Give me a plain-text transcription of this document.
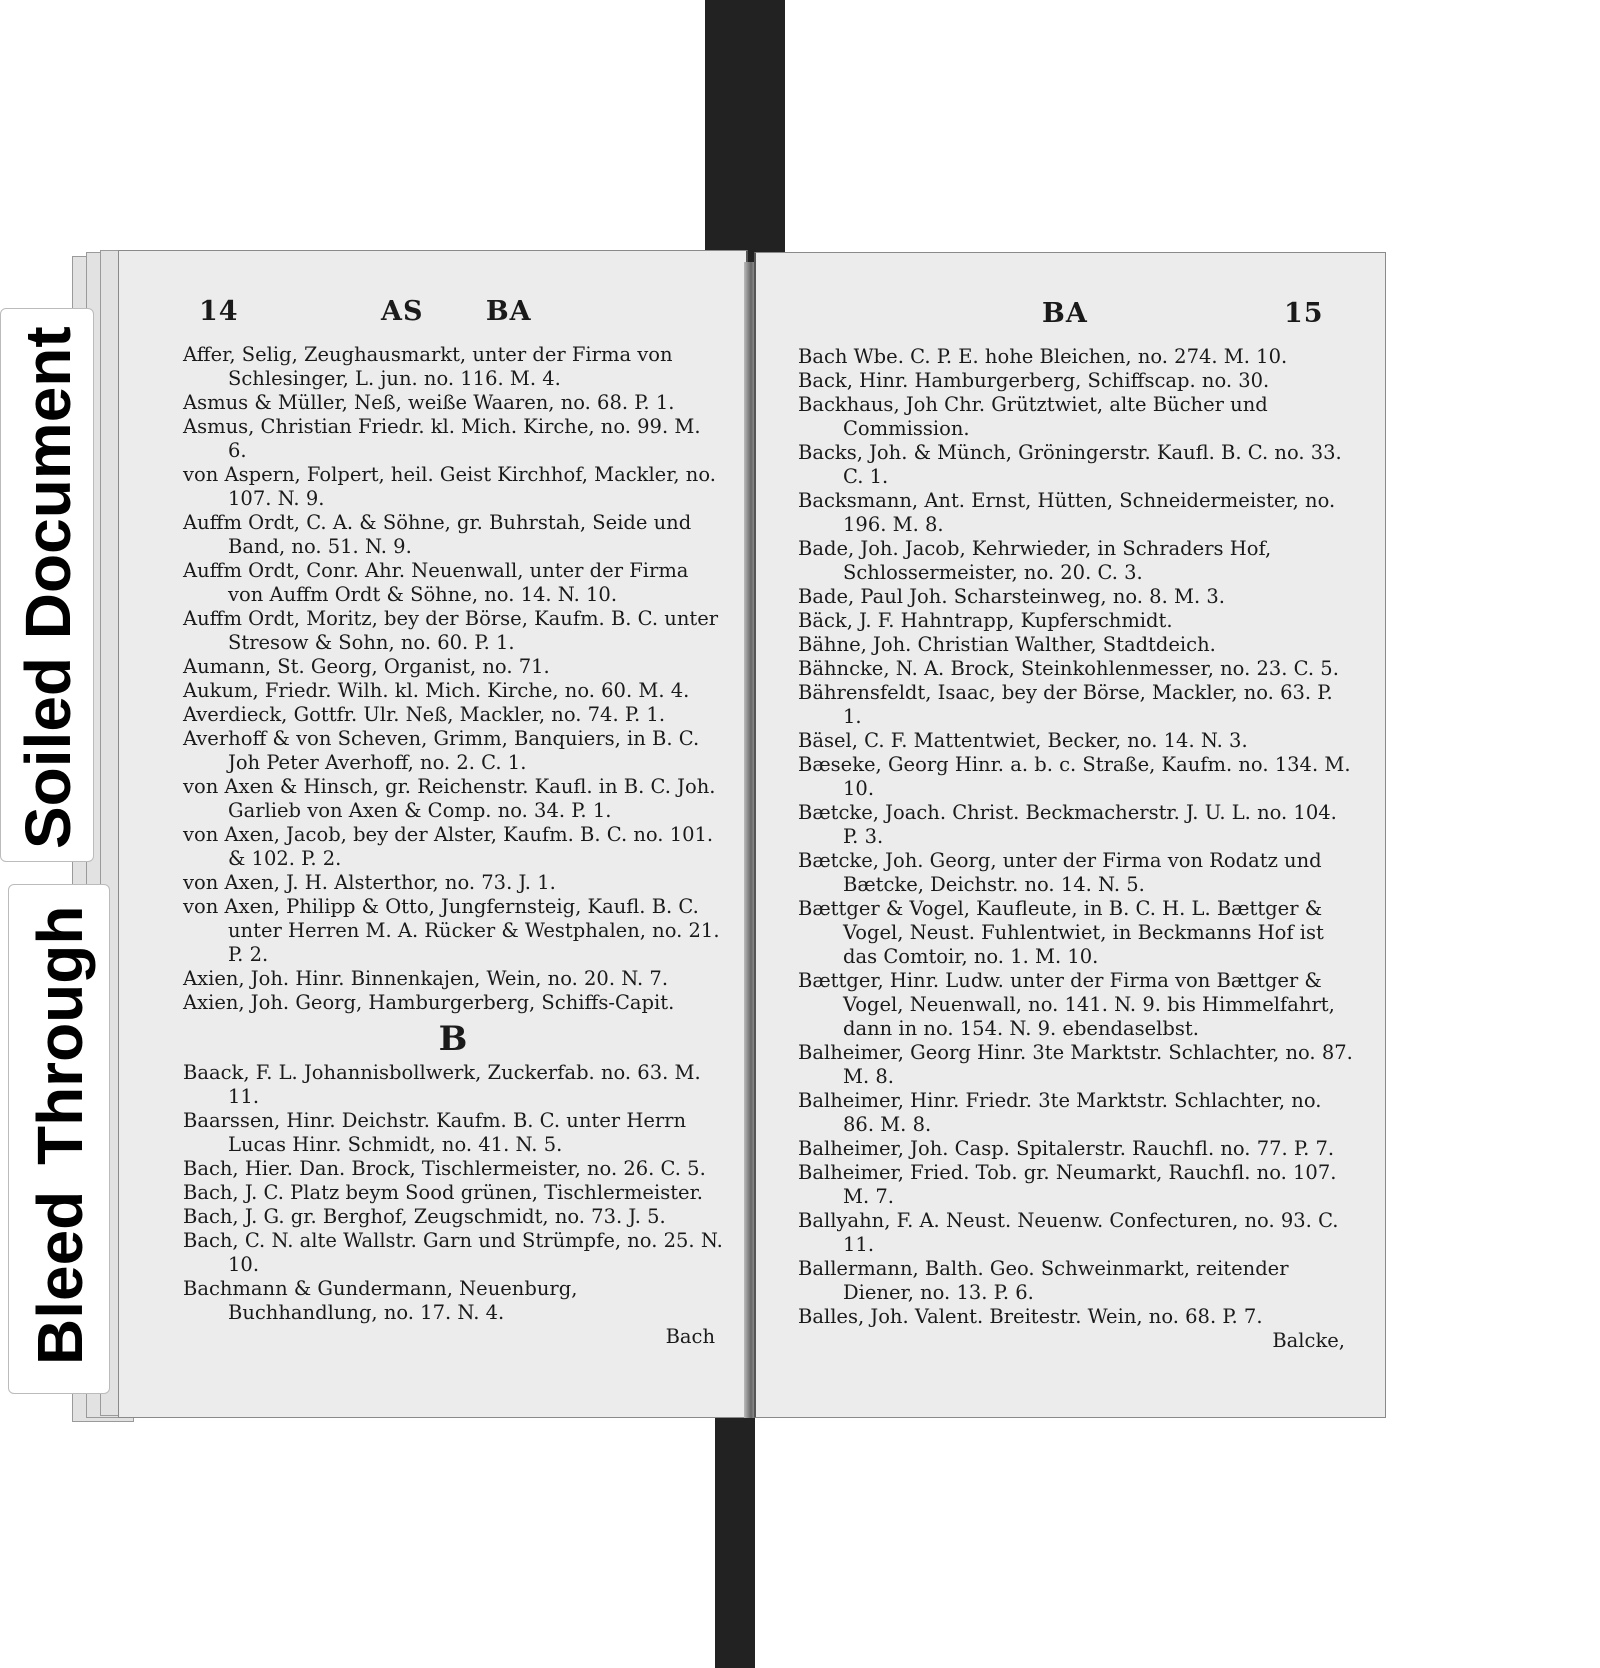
Soiled Document
Bleed
Through
14	AS      BA

Affer, Selig, Zeughausmarkt, unter der Firma von Schlesinger, L. jun. no. 116. M. 4.

Asmus & Müller, Neß, weiße Waaren, no. 68. P. 1.

Asmus, Christian Friedr. kl. Mich. Kirche, no. 99. M. 6.

von Aspern, Folpert, heil. Geist Kirchhof, Mackler, no. 107. N. 9.

Auffm Ordt, C. A. & Söhne, gr. Buhrstah, Seide und Band, no. 51. N. 9.

Auffm Ordt, Conr. Ahr. Neuenwall, unter der Firma von Auffm Ordt & Söhne, no. 14. N. 10.

Auffm Ordt, Moritz, bey der Börse, Kaufm. B. C. unter Stresow & Sohn, no. 60. P. 1.

Aumann, St. Georg, Organist, no. 71.

Aukum, Friedr. Wilh. kl. Mich. Kirche, no. 60. M. 4.

Averdieck, Gottfr. Ulr. Neß, Mackler, no. 74. P. 1.

Averhoff & von Scheven, Grimm, Banquiers, in B. C. Joh Peter Averhoff, no. 2. C. 1.

von Axen & Hinsch, gr. Reichenstr. Kaufl. in B. C. Joh. Garlieb von Axen & Comp. no. 34. P. 1.

von Axen, Jacob, bey der Alster, Kaufm. B. C. no. 101. & 102. P. 2.

von Axen, J. H. Alsterthor, no. 73. J. 1.

von Axen, Philipp & Otto, Jungfernsteig, Kaufl. B. C. unter Herren M. A. Rücker & Westphalen, no. 21. P. 2.

Axien, Joh. Hinr. Binnenkajen, Wein, no. 20. N. 7.

Axien, Joh. Georg, Hamburgerberg, Schiffs-Capit.

B

Baack, F. L. Johannisbollwerk, Zuckerfab. no. 63. M. 11.

Baarssen, Hinr. Deichstr. Kaufm. B. C. unter Herrn Lucas Hinr. Schmidt, no. 41. N. 5.

Bach, Hier. Dan. Brock, Tischlermeister, no. 26. C. 5.

Bach, J. C. Platz beym Sood grünen, Tischlermeister.

Bach, J. G. gr. Berghof, Zeugschmidt, no. 73. J. 5.

Bach, C. N. alte Wallstr. Garn und Strümpfe, no. 25. N. 10.

Bachmann & Gundermann, Neuenburg, Buchhandlung, no. 17. N. 4.

Bach

BA	15

Bach Wbe. C. P. E. hohe Bleichen, no. 274. M. 10.

Back, Hinr. Hamburgerberg, Schiffscap. no. 30.

Backhaus, Joh Chr. Grütztwiet, alte Bücher und Commission.

Backs, Joh. & Münch, Gröningerstr. Kaufl. B. C. no. 33. C. 1.

Backsmann, Ant. Ernst, Hütten, Schneidermeister, no. 196. M. 8.

Bade, Joh. Jacob, Kehrwieder, in Schraders Hof, Schlossermeister, no. 20. C. 3.

Bade, Paul Joh. Scharsteinweg, no. 8. M. 3.

Bäck, J. F. Hahntrapp, Kupferschmidt.

Bähne, Joh. Christian Walther, Stadtdeich.

Bähncke, N. A. Brock, Steinkohlenmesser, no. 23. C. 5.

Bährensfeldt, Isaac, bey der Börse, Mackler, no. 63. P. 1.

Bäsel, C. F. Mattentwiet, Becker, no. 14. N. 3.

Bæseke, Georg Hinr. a. b. c. Straße, Kaufm. no. 134. M. 10.

Bætcke, Joach. Christ. Beckmacherstr. J. U. L. no. 104. P. 3.

Bætcke, Joh. Georg, unter der Firma von Rodatz und Bætcke, Deichstr. no. 14. N. 5.

Bættger & Vogel, Kaufleute, in B. C. H. L. Bættger & Vogel, Neust. Fuhlentwiet, in Beckmanns Hof ist das Comtoir, no. 1. M. 10.

Bættger, Hinr. Ludw. unter der Firma von Bættger & Vogel, Neuenwall, no. 141. N. 9. bis Himmelfahrt, dann in no. 154. N. 9. ebendaselbst.

Balheimer, Georg Hinr. 3te Marktstr. Schlachter, no. 87. M. 8.

Balheimer, Hinr. Friedr. 3te Marktstr. Schlachter, no. 86. M. 8.

Balheimer, Joh. Casp. Spitalerstr. Rauchfl. no. 77. P. 7.

Balheimer, Fried. Tob. gr. Neumarkt, Rauchfl. no. 107. M. 7.

Ballyahn, F. A. Neust. Neuenw. Confecturen, no. 93. C. 11.

Ballermann, Balth. Geo. Schweinmarkt, reitender Diener, no. 13. P. 6.

Balles, Joh. Valent. Breitestr. Wein, no. 68. P. 7.

Balcke,
